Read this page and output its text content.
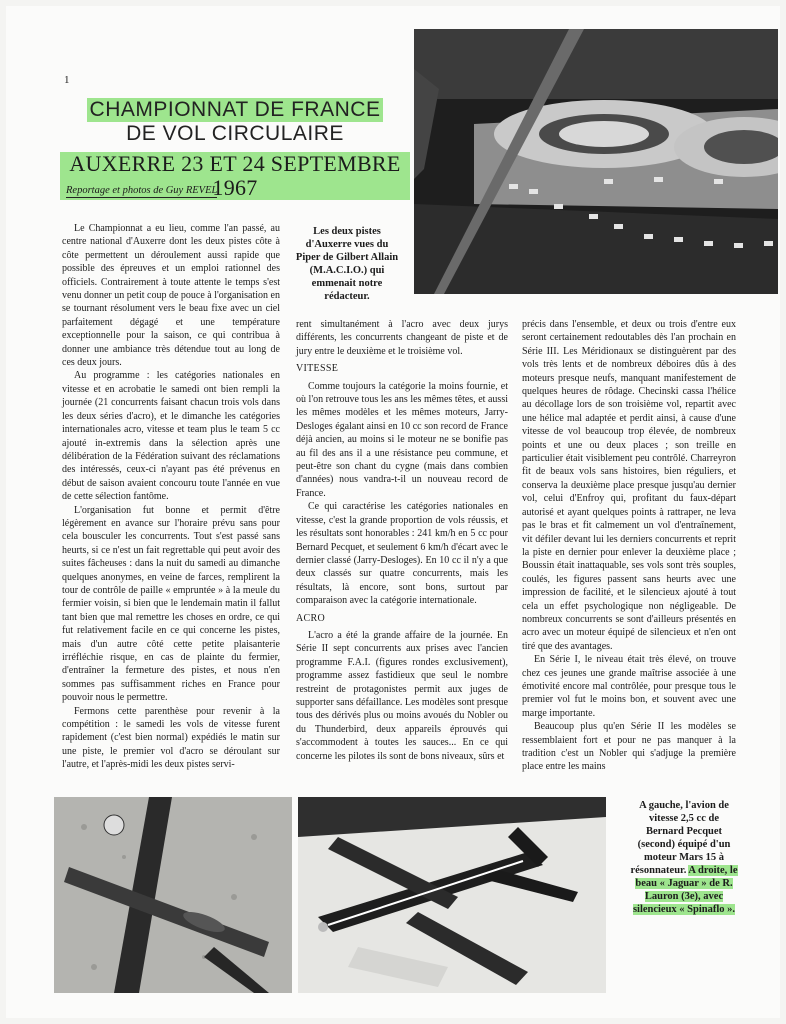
1
CHAMPIONNAT DE FRANCE
DE VOL CIRCULAIRE
AUXERRE 23 ET 24 SEPTEMBRE 1967
Reportage et photos de Guy REVEL
Les deux pistes d'Auxerre vues du Piper de Gilbert Allain (M.A.C.I.O.) qui emmenait notre rédacteur.

Le Championnat a eu lieu, comme l'an passé, au centre national d'Auxerre dont les deux pistes côte à côte permettent un déroulement aussi rapide que possible des épreuves et un emploi rationnel des officiels. Contrairement à toute attente le temps s'est venu donner un petit coup de pouce à l'organisation en se tournant résolument vers le beau fixe avec un ciel parfaitement dégagé et une température exceptionnelle pour la saison, ce qui contribua à donner une ambiance très détendue tout au long de ces deux jours.

Au programme : les catégories nationales en vitesse et en acrobatie le samedi ont bien rempli la journée (21 concurrents faisant chacun trois vols dans les deux séries d'acro), et le dimanche les catégories internationales acro, vitesse et team plus le team 5 cc ajouté in-extremis dans la sélection après une délibération de la Fédération suivant des réclamations des intéressés, ceux-ci n'ayant pas été prévenus en début de saison avaient concouru toute l'année en vue de cette sélection fantôme.

L'organisation fut bonne et permit d'être légèrement en avance sur l'horaire prévu sans pour cela bousculer les concurrents. Tout s'est passé sans heurts, si ce n'est un fait regrettable qui peut avoir des suites fâcheuses : dans la nuit du samedi au dimanche quelques anonymes, en veine de farces, remplirent la tour de contrôle de paille « empruntée » à la meule du fermier voisin, si bien que le lendemain matin il fallut tant bien que mal remettre les choses en ordre, ce qui fut relativement facile en ce qui concerne les pistes, mais d'un autre côté cette petite plaisanterie irréfléchie risque, en cas de plainte du fermier, d'entraîner la fermeture des pistes, et nous n'en sommes pas suffisamment riches en France pour pouvoir nous le permettre.

Fermons cette parenthèse pour revenir à la compétition : le samedi les vols de vitesse furent rapidement (c'est bien normal) expédiés le matin sur une piste, le premier vol d'acro se déroulant sur l'autre, et l'après-midi les deux pistes servi-

rent simultanément à l'acro avec deux jurys différents, les concurrents changeant de piste et de jury entre le deuxième et le troisième vol.

VITESSE

Comme toujours la catégorie la moins fournie, et où l'on retrouve tous les ans les mêmes têtes, et aussi les mêmes modèles et les mêmes moteurs, Jarry-Desloges égalant ainsi en 10 cc son record de France déjà ancien, au moins si le moteur ne se bonifie pas au fil des ans il a une résistance peu commune, et peut-être son chant du cygne (mais dans combien d'années) nous vandra-t-il un nouveau record de France.

Ce qui caractérise les catégories nationales en vitesse, c'est la grande proportion de vols réussis, et les résultats sont honorables : 241 km/h en 5 cc pour Bernard Pecquet, et seulement 6 km/h d'écart avec le dernier classé (Jarry-Desloges). En 10 cc il n'y a que deux classés sur quatre concurrents, mais les résultats, là encore, sont bons, surtout par comparaison avec la catégorie internationale.

ACRO

L'acro a été la grande affaire de la journée. En Série II sept concurrents aux prises avec l'ancien programme F.A.I. (figures rondes exclusivement), programme assez fastidieux que seul le nombre restreint de protagonistes permit aux juges de supporter sans défaillance. Les modèles sont presque tous des dérivés plus ou moins avoués du Nobler ou du Thunderbird, deux appareils éprouvés qui s'accommodent à toutes les sauces... En ce qui concerne les pilotes ils sont de bons niveaux, sûrs et

précis dans l'ensemble, et deux ou trois d'entre eux seront certainement redoutables dès l'an prochain en Série III. Les Méridionaux se distinguèrent par des vols très lents et de nombreux déboires dûs à des moteurs presque neufs, manquant manifestement de quelques heures de rôdage. Checinski cassa l'hélice au décollage lors de son troisième vol, repartit avec une hélice mal adaptée et perdit ainsi, à cause d'une vitesse de vol beaucoup trop élevée, de nombreux points et une ou deux places ; son treille en particulier était visiblement peu contrôlé. Charreyron fit de beaux vols sans histoires, bien réguliers, et conserva la deuxième place presque jusqu'au dernier vol, celui d'Enfroy qui, profitant du faux-départ autorisé et ayant quelques points à rattraper, ne leva pas le bras et fit calmement un vol d'entraînement, vit défiler devant lui les derniers concurrents et reprit la piste en dernier pour enlever la deuxième place ; Boussin était inattaquable, ses vols sont très souples, coulés, les figures passent sans heurts avec une impression de facilité, et le silencieux ajouté à tout cela un effet psychologique non négligeable. De nombreux concurrents se sont d'ailleurs présentés en acro avec un moteur équipé de silencieux et n'en ont tiré que des avantages.

En Série I, le niveau était très élevé, on trouve chez ces jeunes une grande maîtrise associée à une émotivité encore mal contrôlée, pour presque tous le premier vol fut le moins bon, et souvent avec une marge importante.

Beaucoup plus qu'en Série II les modèles se ressemblaient fort et pour ne pas manquer à la tradition c'est un Nobler qui s'adjuge la première place entre les mains

A gauche, l'avion de vitesse 2,5 cc de Bernard Pecquet (second) équipé d'un moteur Mars 15 à résonnateur. A droite, le beau « Jaguar » de R. Lauron (3e), avec silencieux « Spinaflo ».
